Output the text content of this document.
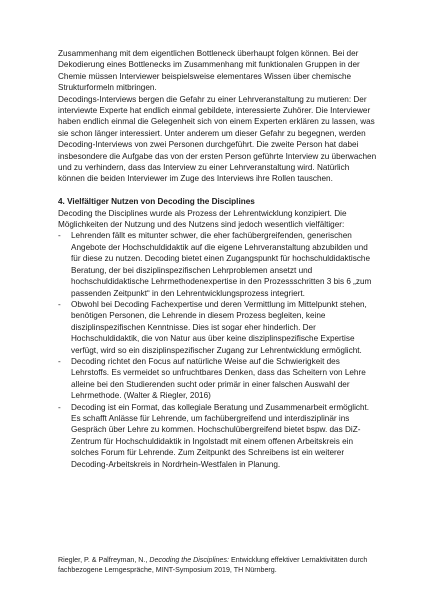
Zusammenhang mit dem eigentlichen Bottleneck überhaupt folgen können. Bei der Dekodierung eines Bottlenecks im Zusammenhang mit funktionalen Gruppen in der Chemie müssen Interviewer beispielsweise elementares Wissen über chemische Strukturformeln mitbringen.

Decodings-Interviews bergen die Gefahr zu einer Lehrveranstaltung zu mutieren: Der interviewte Experte hat endlich einmal gebildete, interessierte Zuhörer. Die Interviewer haben endlich einmal die Gelegenheit sich von einem Experten erklären zu lassen, was sie schon länger interessiert. Unter anderem um dieser Gefahr zu begegnen, werden Decoding-Interviews von zwei Personen durchgeführt. Die zweite Person hat dabei insbesondere die Aufgabe das von der ersten Person geführte Interview zu überwachen und zu verhindern, dass das Interview zu einer Lehrveranstaltung wird. Natürlich können die beiden Interviewer im Zuge des Interviews ihre Rollen tauschen.

4. Vielfältiger Nutzen von Decoding the Disciplines

Decoding the Disciplines wurde als Prozess der Lehrentwicklung konzipiert. Die Möglichkeiten der Nutzung und des Nutzens sind jedoch wesentlich vielfältiger:

- Lehrenden fällt es mitunter schwer, die eher fachübergreifenden, generischen Angebote der Hochschuldidaktik auf die eigene Lehrveranstaltung abzubilden und für diese zu nutzen. Decoding bietet einen Zugangspunkt für hochschuldidaktische Beratung, der bei disziplinspezifischen Lehrproblemen ansetzt und hochschuldidaktische Lehrmethodenexpertise in den Prozessschritten 3 bis 6 „zum passenden Zeitpunkt“ in den Lehrentwicklungsprozess integriert.
- Obwohl bei Decoding Fachexpertise und deren Vermittlung im Mittelpunkt stehen, benötigen Personen, die Lehrende in diesem Prozess begleiten, keine disziplinspezifischen Kenntnisse. Dies ist sogar eher hinderlich. Der Hochschuldidaktik, die von Natur aus über keine disziplinspezifische Expertise verfügt, wird so ein disziplinspezifischer Zugang zur Lehrentwicklung ermöglicht.
- Decoding richtet den Focus auf natürliche Weise auf die Schwierigkeit des Lehrstoffs. Es vermeidet so unfruchtbares Denken, dass das Scheitern von Lehre alleine bei den Studierenden sucht oder primär in einer falschen Auswahl der Lehrmethode. (Walter & Riegler, 2016)
- Decoding ist ein Format, das kollegiale Beratung und Zusammenarbeit ermöglicht. Es schafft Anlässe für Lehrende, um fachübergreifend und interdisziplinär ins Gespräch über Lehre zu kommen. Hochschulübergreifend bietet bspw. das DiZ-Zentrum für Hochschuldidaktik in Ingolstadt mit einem offenen Arbeitskreis ein solches Forum für Lehrende. Zum Zeitpunkt des Schreibens ist ein weiterer Decoding-Arbeitskreis in Nordrhein-Westfalen in Planung.
Riegler, P. & Palfreyman, N., Decoding the Disciplines: Entwicklung effektiver Lernaktivitäten durch fachbezogene Lerngespräche, MINT-Symposium 2019, TH Nürnberg.
